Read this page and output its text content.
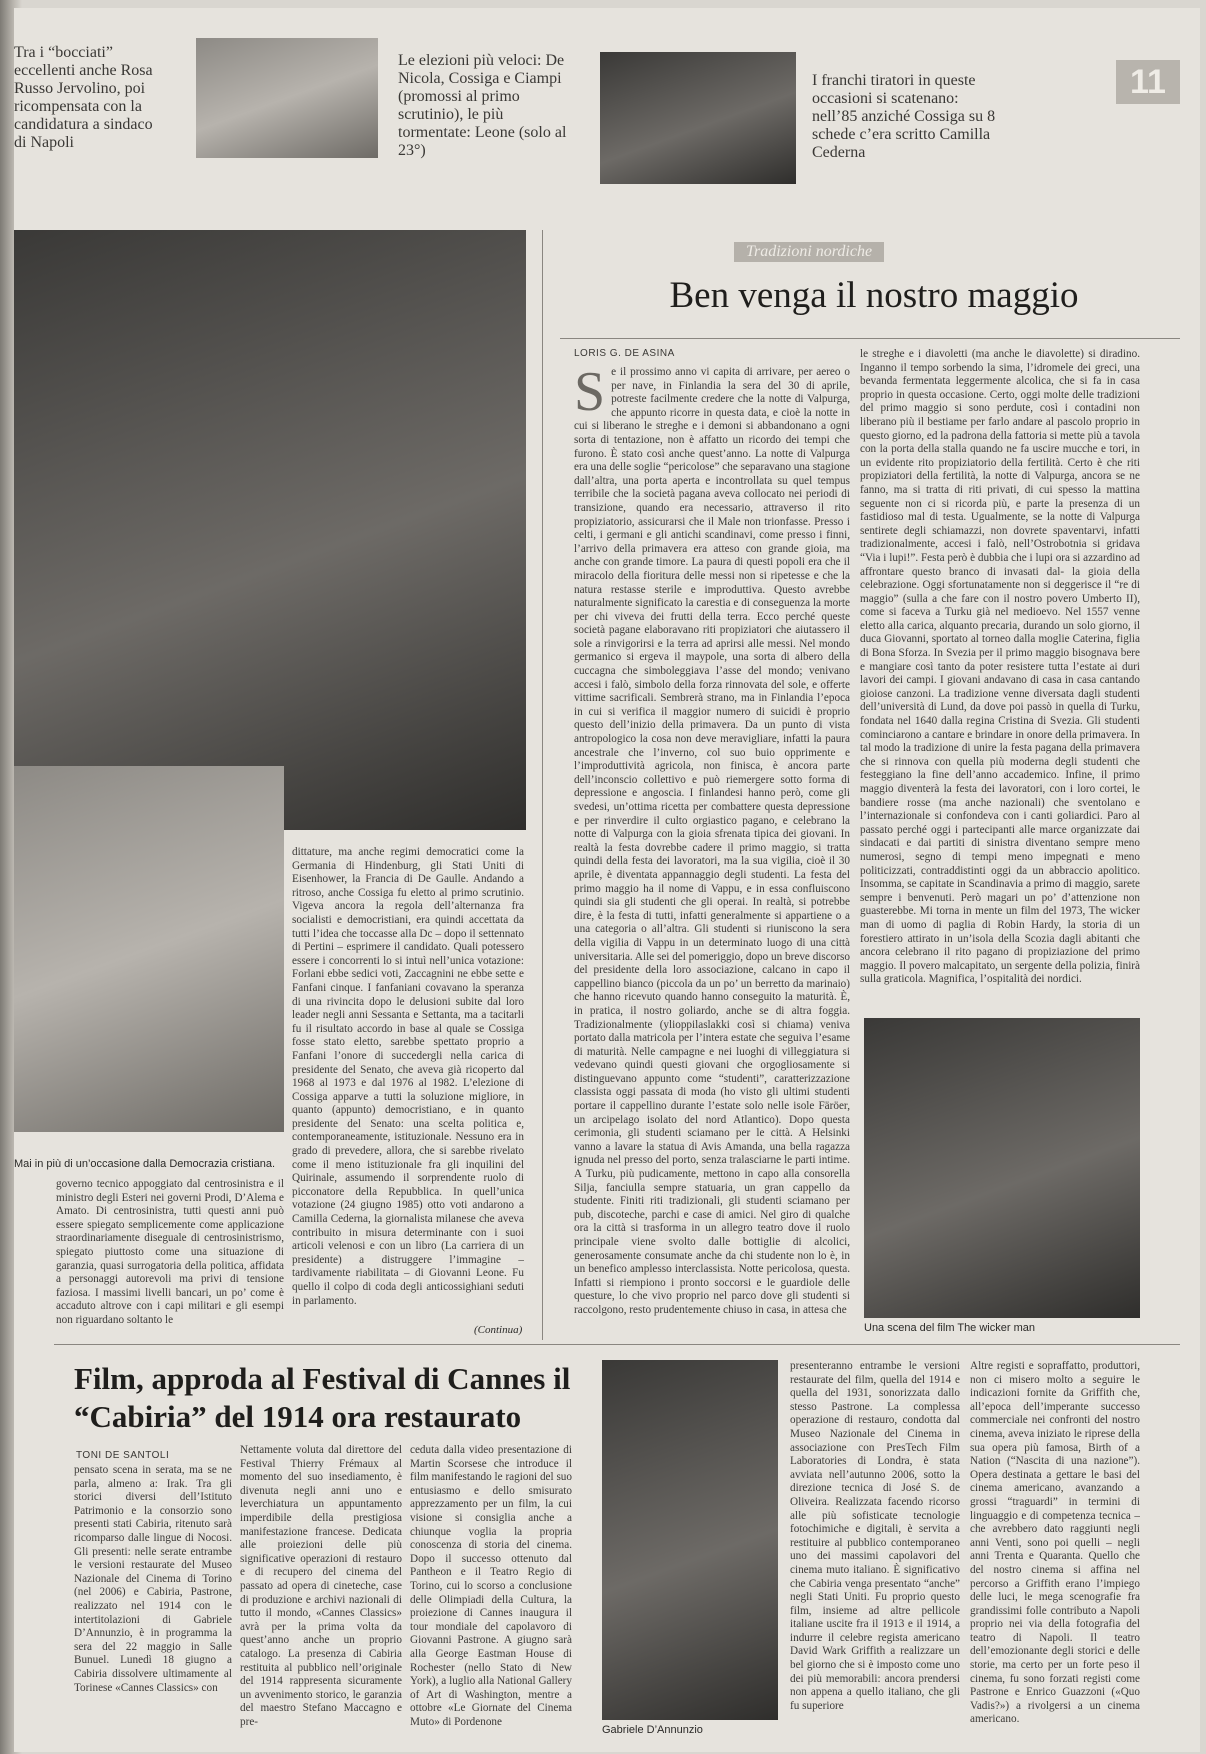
Tra i “bocciati” eccellenti anche Rosa Russo Jervolino, poi ricompensata con la candidatura a sindaco di Napoli
Le elezioni più veloci: De Nicola, Cossiga e Ciampi (promossi al primo scrutinio), le più tormentate: Leone (solo al 23°)
I franchi tiratori in queste occasioni si scatenano: nell’85 anziché Cossiga su 8 schede c’era scritto Camilla Cederna
11
Mai in più di un’occasione dalla Democrazia cristiana.
governo tecnico appoggiato dal centrosinistra e il ministro degli Esteri nei governi Prodi, D’Alema e Amato. Di centrosinistra, tutti questi anni può essere spiegato semplicemente come applicazione straordinariamente diseguale di centrosinistrismo, spiegato piuttosto come una situazione di garanzia, quasi surrogatoria della politica, affidata a personaggi autorevoli ma privi di tensione faziosa. I massimi livelli bancari, un po’ come è accaduto altrove con i capi militari e gli esempi non riguardano soltanto le
dittature, ma anche regimi democratici come la Germania di Hindenburg, gli Stati Uniti di Eisenhower, la Francia di De Gaulle. Andando a ritroso, anche Cossiga fu eletto al primo scrutinio. Vigeva ancora la regola dell’alternanza fra socialisti e democristiani, era quindi accettata da tutti l’idea che toccasse alla Dc – dopo il settennato di Pertini – esprimere il candidato. Quali potessero essere i concorrenti lo si intuì nell’unica votazione: Forlani ebbe sedici voti, Zaccagnini ne ebbe sette e Fanfani cinque. I fanfaniani covavano la speranza di una rivincita dopo le delusioni subite dal loro leader negli anni Sessanta e Settanta, ma a tacitarli fu il risultato accordo in base al quale se Cossiga fosse stato eletto, sarebbe spettato proprio a Fanfani l’onore di succedergli nella carica di presidente del Senato, che aveva già ricoperto dal 1968 al 1973 e dal 1976 al 1982. L’elezione di Cossiga apparve a tutti la soluzione migliore, in quanto (appunto) democristiano, e in quanto presidente del Senato: una scelta politica e, contemporaneamente, istituzionale. Nessuno era in grado di prevedere, allora, che si sarebbe rivelato come il meno istituzionale fra gli inquilini del Quirinale, assumendo il sorprendente ruolo di picconatore della Repubblica. In quell’unica votazione (24 giugno 1985) otto voti andarono a Camilla Cederna, la giornalista milanese che aveva contribuito in misura determinante con i suoi articoli velenosi e con un libro (La carriera di un presidente) a distruggere l’immagine – tardivamente riabilitata – di Giovanni Leone. Fu quello il colpo di coda degli anticossighiani seduti in parlamento.
(Continua)
Tradizioni nordiche
Ben venga il nostro maggio
LORIS G. DE ASINA
Se il prossimo anno vi capita di arrivare, per aereo o per nave, in Finlandia la sera del 30 di aprile, potreste facilmente credere che la notte di Valpurga, che appunto ricorre in questa data, e cioè la notte in cui si liberano le streghe e i demoni si abbandonano a ogni sorta di tentazione, non è affatto un ricordo dei tempi che furono. È stato così anche quest’anno. La notte di Valpurga era una delle soglie “pericolose” che separavano una stagione dall’altra, una porta aperta e incontrollata su quel tempus terribile che la società pagana aveva collocato nei periodi di transizione, quando era necessario, attraverso il rito propiziatorio, assicurarsi che il Male non trionfasse. Presso i celti, i germani e gli antichi scandinavi, come presso i finni, l’arrivo della primavera era atteso con grande gioia, ma anche con grande timore. La paura di questi popoli era che il miracolo della fioritura delle messi non si ripetesse e che la natura restasse sterile e improduttiva. Questo avrebbe naturalmente significato la carestia e di conseguenza la morte per chi viveva dei frutti della terra. Ecco perché queste società pagane elaboravano riti propiziatori che aiutassero il sole a rinvigorirsi e la terra ad aprirsi alle messi. Nel mondo germanico si ergeva il maypole, una sorta di albero della cuccagna che simboleggiava l’asse del mondo; venivano accesi i falò, simbolo della forza rinnovata del sole, e offerte vittime sacrificali. Sembrerà strano, ma in Finlandia l’epoca in cui si verifica il maggior numero di suicidi è proprio questo dell’inizio della primavera. Da un punto di vista antropologico la cosa non deve meravigliare, infatti la paura ancestrale che l’inverno, col suo buio opprimente e l’improduttività agricola, non finisca, è ancora parte dell’inconscio collettivo e può riemergere sotto forma di depressione e angoscia. I finlandesi hanno però, come gli svedesi, un’ottima ricetta per combattere questa depressione e per rinverdire il culto orgiastico pagano, e celebrano la notte di Valpurga con la gioia sfrenata tipica dei giovani. In realtà la festa dovrebbe cadere il primo maggio, si tratta quindi della festa dei lavoratori, ma la sua vigilia, cioè il 30 aprile, è diventata appannaggio degli studenti. La festa del primo maggio ha il nome di Vappu, e in essa confluiscono quindi sia gli studenti che gli operai. In realtà, si potrebbe dire, è la festa di tutti, infatti generalmente si appartiene o a una categoria o all’altra. Gli studenti si riuniscono la sera della vigilia di Vappu in un determinato luogo di una città universitaria. Alle sei del pomeriggio, dopo un breve discorso del presidente della loro associazione, calcano in capo il cappellino bianco (piccola da un po’ un berretto da marinaio) che hanno ricevuto quando hanno conseguito la maturità. È, in pratica, il nostro goliardo, anche se di altra foggia. Tradizionalmente (ylioppilaslakki così si chiama) veniva portato dalla matricola per l’intera estate che seguiva l’esame di maturità. Nelle campagne e nei luoghi di villeggiatura si vedevano quindi questi giovani che orgogliosamente si distinguevano appunto come “studenti”, caratterizzazione classista oggi passata di moda (ho visto gli ultimi studenti portare il cappellino durante l’estate solo nelle isole Färöer, un arcipelago isolato del nord Atlantico). Dopo questa cerimonia, gli studenti sciamano per le città. A Helsinki vanno a lavare la statua di Avis Amanda, una bella ragazza ignuda nel presso del porto, senza tralasciarne le parti intime. A Turku, più pudicamente, mettono in capo alla consorella Silja, fanciulla sempre statuaria, un gran cappello da studente. Finiti riti tradizionali, gli studenti sciamano per pub, discoteche, parchi e case di amici. Nel giro di qualche ora la città si trasforma in un allegro teatro dove il ruolo principale viene svolto dalle bottiglie di alcolici, generosamente consumate anche da chi studente non lo è, in un benefico amplesso interclassista. Notte pericolosa, questa. Infatti si riempiono i pronto soccorsi e le guardiole delle questure, lo che vivo proprio nel parco dove gli studenti si raccolgono, resto prudentemente chiuso in casa, in attesa che
le streghe e i diavoletti (ma anche le diavolette) si diradino. Inganno il tempo sorbendo la sima, l’idromele dei greci, una bevanda fermentata leggermente alcolica, che si fa in casa proprio in questa occasione. Certo, oggi molte delle tradizioni del primo maggio si sono perdute, così i contadini non liberano più il bestiame per farlo andare al pascolo proprio in questo giorno, ed la padrona della fattoria si mette più a tavola con la porta della stalla quando ne fa uscire mucche e tori, in un evidente rito propiziatorio della fertilità. Certo è che riti propiziatori della fertilità, la notte di Valpurga, ancora se ne fanno, ma si tratta di riti privati, di cui spesso la mattina seguente non ci si ricorda più, e parte la presenza di un fastidioso mal di testa. Ugualmente, se la notte di Valpurga sentirete degli schiamazzi, non dovrete spaventarvi, infatti tradizionalmente, accesi i falò, nell’Ostrobotnia si gridava “Via i lupi!”. Festa però è dubbia che i lupi ora si azzardino ad affrontare questo branco di invasati dal- la gioia della celebrazione. Oggi sfortunatamente non si deggerisce il “re di maggio” (sulla a che fare con il nostro povero Umberto II), come si faceva a Turku già nel medioevo. Nel 1557 venne eletto alla carica, alquanto precaria, durando un solo giorno, il duca Giovanni, sportato al torneo dalla moglie Caterina, figlia di Bona Sforza. In Svezia per il primo maggio bisognava bere e mangiare così tanto da poter resistere tutta l’estate ai duri lavori dei campi. I giovani andavano di casa in casa cantando gioiose canzoni. La tradizione venne diversata dagli studenti dell’università di Lund, da dove poi passò in quella di Turku, fondata nel 1640 dalla regina Cristina di Svezia. Gli studenti cominciarono a cantare e brindare in onore della primavera. In tal modo la tradizione di unire la festa pagana della primavera che si rinnova con quella più moderna degli studenti che festeggiano la fine dell’anno accademico. Infine, il primo maggio diventerà la festa dei lavoratori, con i loro cortei, le bandiere rosse (ma anche nazionali) che sventolano e l’internazionale si confondeva con i canti goliardici. Paro al passato perché oggi i partecipanti alle marce organizzate dai sindacati e dai partiti di sinistra diventano sempre meno numerosi, segno di tempi meno impegnati e meno politicizzati, contraddistinti oggi da un abbraccio apolitico. Insomma, se capitate in Scandinavia a primo di maggio, sarete sempre i benvenuti. Però magari un po’ d’attenzione non guasterebbe. Mi torna in mente un film del 1973, The wicker man di uomo di paglia di Robin Hardy, la storia di un forestiero attirato in un’isola della Scozia dagli abitanti che ancora celebrano il rito pagano di propiziazione del primo maggio. Il povero malcapitato, un sergente della polizia, finirà sulla graticola. Magnifica, l’ospitalità dei nordici.
Una scena del film The wicker man
Film, approda al Festival di Cannes il “Cabiria” del 1914 ora restaurato
TONI DE SANTOLI
pensato scena in serata, ma se ne parla, almeno a: Irak. Tra gli storici diversi dell’Istituto Patrimonio e la consorzio sono presenti stati Cabiria, ritenuto sarà ricomparso dalle lingue di Nocosi. Gli presenti: nelle serate entrambe le versioni restaurate del Museo Nazionale del Cinema di Torino (nel 2006) e Cabiria, Pastrone, realizzato nel 1914 con le intertitolazioni di Gabriele D’Annunzio, è in programma la sera del 22 maggio in Salle Bunuel. Lunedì 18 giugno a Cabiria dissolvere ultimamente al Torinese «Cannes Classics» con
Nettamente voluta dal direttore del Festival Thierry Frémaux al momento del suo insediamento, è divenuta negli anni uno e leverchiatura un appuntamento imperdibile della prestigiosa manifestazione francese. Dedicata alle proiezioni delle più significative operazioni di restauro e di recupero del cinema del passato ad opera di cineteche, case di produzione e archivi nazionali di tutto il mondo, «Cannes Classics» avrà per la prima volta da quest’anno anche un proprio catalogo. La presenza di Cabiria restituita al pubblico nell’originale del 1914 rappresenta sicuramente un avvenimento storico, le garanzia del maestro Stefano Maccagno e pre-
ceduta dalla video presentazione di Martin Scorsese che introduce il film manifestando le ragioni del suo entusiasmo e dello smisurato apprezzamento per un film, la cui visione si consiglia anche a chiunque voglia la propria conoscenza di storia del cinema. Dopo il successo ottenuto dal Pantheon e il Teatro Regio di Torino, cui lo scorso a conclusione delle Olimpiadi della Cultura, la proiezione di Cannes inaugura il tour mondiale del capolavoro di Giovanni Pastrone. A giugno sarà alla George Eastman House di Rochester (nello Stato di New York), a luglio alla National Gallery of Art di Washington, mentre a ottobre «Le Giornate del Cinema Muto» di Pordenone
Gabriele D’Annunzio
presenteranno entrambe le versioni restaurate del film, quella del 1914 e quella del 1931, sonorizzata dallo stesso Pastrone. La complessa operazione di restauro, condotta dal Museo Nazionale del Cinema in associazione con PresTech Film Laboratories di Londra, è stata avviata nell’autunno 2006, sotto la direzione tecnica di José S. de Oliveira. Realizzata facendo ricorso alle più sofisticate tecnologie fotochimiche e digitali, è servita a restituire al pubblico contemporaneo uno dei massimi capolavori del cinema muto italiano. È significativo che Cabiria venga presentato “anche” negli Stati Uniti. Fu proprio questo film, insieme ad altre pellicole italiane uscite fra il 1913 e il 1914, a indurre il celebre regista americano David Wark Griffith a realizzare un bel giorno che si è imposto come uno dei più memorabili: ancora prendersi non appena a quello italiano, che gli fu superiore
Altre registi e sopraffatto, produttori, non ci misero molto a seguire le indicazioni fornite da Griffith che, all’epoca dell’imperante successo commerciale nei confronti del nostro cinema, aveva iniziato le riprese della sua opera più famosa, Birth of a Nation (“Nascita di una nazione”). Opera destinata a gettare le basi del cinema americano, avanzando a grossi “traguardi” in termini di linguaggio e di competenza tecnica – che avrebbero dato raggiunti negli anni Venti, sono poi quelli – negli anni Trenta e Quaranta. Quello che del nostro cinema si affina nel percorso a Griffith erano l’impiego delle luci, le mega scenografie fra grandissimi folle contributo a Napoli proprio nei via della fotografia del teatro di Napoli. Il teatro dell’emozionante degli storici e delle storie, ma certo per un forte peso il cinema, fu sono forzati registi come Pastrone e Enrico Guazzoni («Quo Vadis?») a rivolgersi a un cinema americano.
